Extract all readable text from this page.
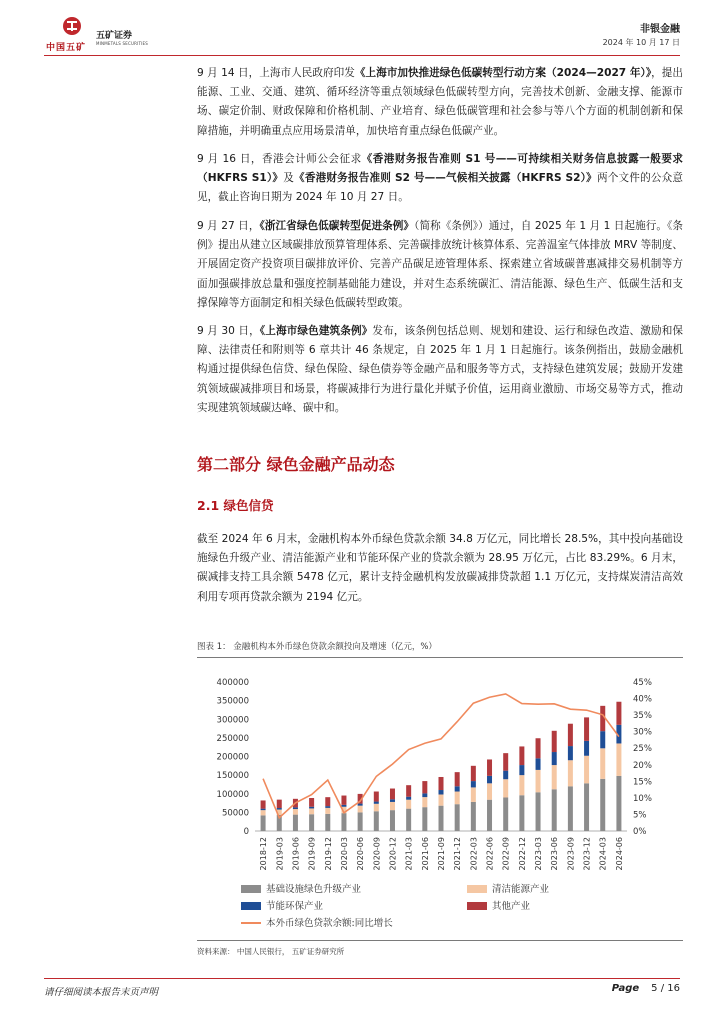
中国五矿
五矿证券
MINMETALS SECURITIES
非银金融
2024 年 10 月 17 日

9 月 14 日，上海市人民政府印发《上海市加快推进绿色低碳转型行动方案（2024—2027 年）》，提出能源、工业、交通、建筑、循环经济等重点领域绿色低碳转型方向，完善技术创新、金融支撑、能源市场、碳定价制、财政保障和价格机制、产业培育、绿色低碳管理和社会参与等八个方面的机制创新和保障措施，并明确重点应用场景清单，加快培育重点绿色低碳产业。

9 月 16 日，香港会计师公会征求《香港财务报告准则 S1 号——可持续相关财务信息披露一般要求（HKFRS S1）》及《香港财务报告准则 S2 号——气候相关披露（HKFRS S2）》两个文件的公众意见，截止咨询日期为 2024 年 10 月 27 日。

9 月 27 日，《浙江省绿色低碳转型促进条例》（简称《条例》）通过，自 2025 年 1 月 1 日起施行。《条例》提出从建立区域碳排放预算管理体系、完善碳排放统计核算体系、完善温室气体排放 MRV 等制度、开展固定资产投资项目碳排放评价、完善产品碳足迹管理体系、探索建立省域碳普惠减排交易机制等方面加强碳排放总量和强度控制基础能力建设，并对生态系统碳汇、清洁能源、绿色生产、低碳生活和支撑保障等方面制定和相关绿色低碳转型政策。

9 月 30 日，《上海市绿色建筑条例》发布，该条例包括总则、规划和建设、运行和绿色改造、激励和保障、法律责任和附则等 6 章共计 46 条规定，自 2025 年 1 月 1 日起施行。该条例指出，鼓励金融机构通过提供绿色信贷、绿色保险、绿色债券等金融产品和服务等方式，支持绿色建筑发展；鼓励开发建筑领域碳减排项目和场景，将碳减排行为进行量化并赋予价值，运用商业激励、市场交易等方式，推动实现建筑领域碳达峰、碳中和。

第二部分 绿色金融产品动态
2.1 绿色信贷

截至 2024 年 6 月末，金融机构本外币绿色贷款余额 34.8 万亿元，同比增长 28.5%，其中投向基础设施绿色升级产业、清洁能源产业和节能环保产业的贷款余额为 28.95 万亿元，占比 83.29%。6 月末，碳减排支持工具余额 5478 亿元，累计支持金融机构发放碳减排贷款超 1.1 万亿元，支持煤炭清洁高效利用专项再贷款余额为 2194 亿元。

图表 1： 金融机构本外币绿色贷款余额投向及增速（亿元，%）
0
50000
100000
150000
200000
250000
300000
350000
400000
0%
5%
10%
15%
20%
25%
30%
35%
40%
45%
2018-12 2019-03 2019-06 2019-09 2019-12 2020-03 2020-06 2020-09 2020-12 2021-03 2021-06 2021-09 2021-12 2022-03 2022-06 2022-09 2022-12 2023-03 2023-06 2023-09 2023-12 2024-03 2024-06
基础设施绿色升级产业	清洁能源产业
节能环保产业	其他产业
本外币绿色贷款余额:同比增长
资料来源： 中国人民银行， 五矿证券研究所
请仔细阅读本报告末页声明	Page 5 / 16
